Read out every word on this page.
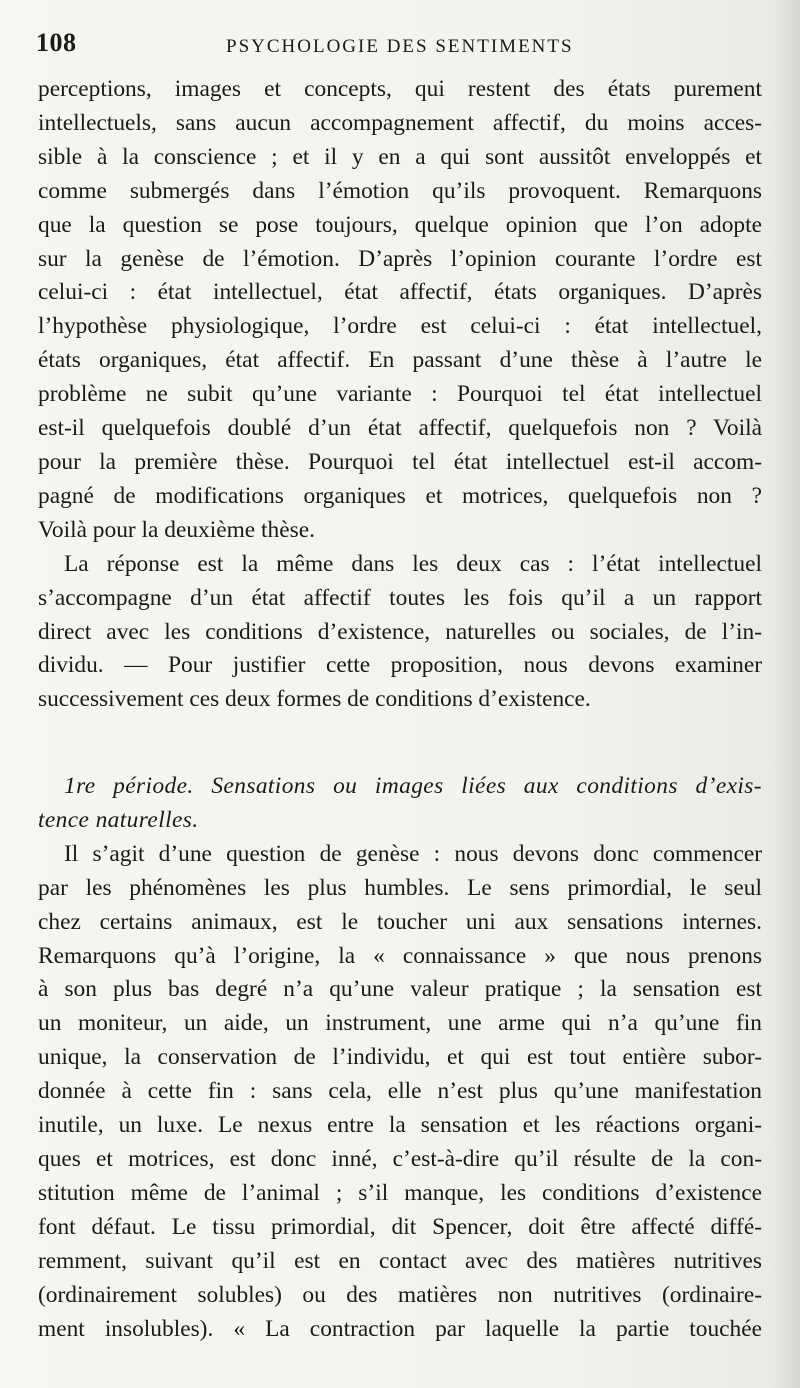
108	PSYCHOLOGIE DES SENTIMENTS
perceptions, images et concepts, qui restent des états purement
intellectuels, sans aucun accompagnement affectif, du moins acces-
sible à la conscience ; et il y en a qui sont aussitôt enveloppés et
comme submergés dans l’émotion qu’ils provoquent. Remarquons
que la question se pose toujours, quelque opinion que l’on adopte
sur la genèse de l’émotion. D’après l’opinion courante l’ordre est
celui-ci : état intellectuel, état affectif, états organiques. D’après
l’hypothèse physiologique, l’ordre est celui-ci : état intellectuel,
états organiques, état affectif. En passant d’une thèse à l’autre le
problème ne subit qu’une variante : Pourquoi tel état intellectuel
est-il quelquefois doublé d’un état affectif, quelquefois non ? Voilà
pour la première thèse. Pourquoi tel état intellectuel est-il accom-
pagné de modifications organiques et motrices, quelquefois non ?
Voilà pour la deuxième thèse.
La réponse est la même dans les deux cas : l’état intellectuel
s’accompagne d’un état affectif toutes les fois qu’il a un rapport
direct avec les conditions d’existence, naturelles ou sociales, de l’in-
dividu. — Pour justifier cette proposition, nous devons examiner
successivement ces deux formes de conditions d’existence.
1re période. Sensations ou images liées aux conditions d’exis-
tence naturelles.
Il s’agit d’une question de genèse : nous devons donc commencer
par les phénomènes les plus humbles. Le sens primordial, le seul
chez certains animaux, est le toucher uni aux sensations internes.
Remarquons qu’à l’origine, la « connaissance » que nous prenons
à son plus bas degré n’a qu’une valeur pratique ; la sensation est
un moniteur, un aide, un instrument, une arme qui n’a qu’une fin
unique, la conservation de l’individu, et qui est tout entière subor-
donnée à cette fin : sans cela, elle n’est plus qu’une manifestation
inutile, un luxe. Le nexus entre la sensation et les réactions organi-
ques et motrices, est donc inné, c’est-à-dire qu’il résulte de la con-
stitution même de l’animal ; s’il manque, les conditions d’existence
font défaut. Le tissu primordial, dit Spencer, doit être affecté diffé-
remment, suivant qu’il est en contact avec des matières nutritives
(ordinairement solubles) ou des matières non nutritives (ordinaire-
ment insolubles). « La contraction par laquelle la partie touchée
